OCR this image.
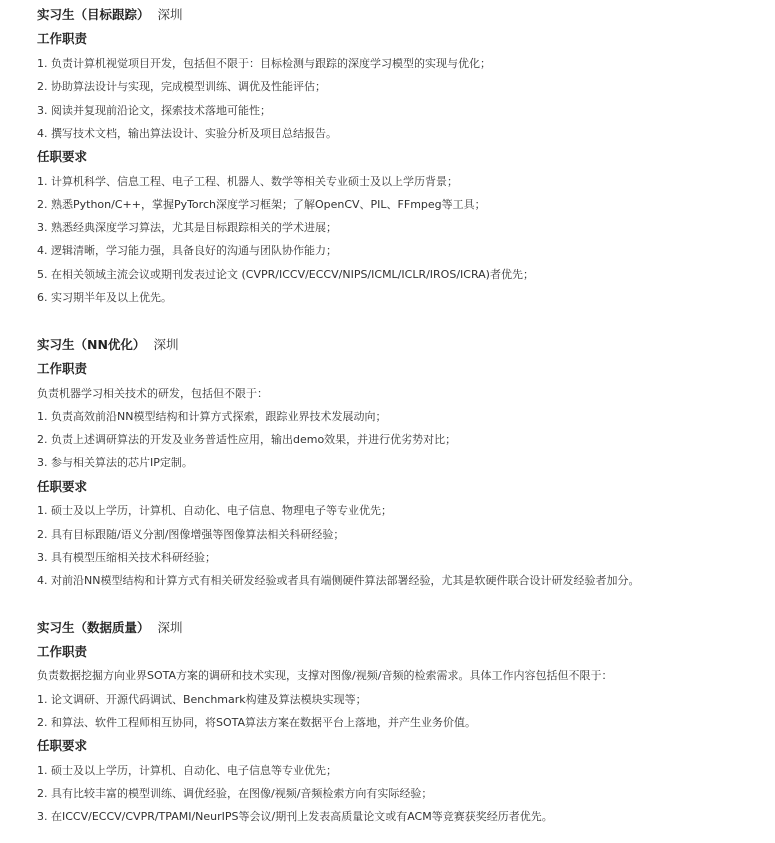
实习生（目标跟踪） 深圳
工作职责
1. 负责计算机视觉项目开发，包括但不限于：目标检测与跟踪的深度学习模型的实现与优化；
2. 协助算法设计与实现，完成模型训练、调优及性能评估；
3. 阅读并复现前沿论文，探索技术落地可能性；
4. 撰写技术文档，输出算法设计、实验分析及项目总结报告。
任职要求
1. 计算机科学、信息工程、电子工程、机器人、数学等相关专业硕士及以上学历背景；
2. 熟悉Python/C++，掌握PyTorch深度学习框架；了解OpenCV、PIL、FFmpeg等工具；
3. 熟悉经典深度学习算法，尤其是目标跟踪相关的学术进展；
4. 逻辑清晰，学习能力强，具备良好的沟通与团队协作能力；
5. 在相关领域主流会议或期刊发表过论文 (CVPR/ICCV/ECCV/NIPS/ICML/ICLR/IROS/ICRA)者优先；
6. 实习期半年及以上优先。
实习生（NN优化） 深圳
工作职责
负责机器学习相关技术的研发，包括但不限于：
1. 负责高效前沿NN模型结构和计算方式探索，跟踪业界技术发展动向；
2. 负责上述调研算法的开发及业务普适性应用，输出demo效果，并进行优劣势对比；
3. 参与相关算法的芯片IP定制。
任职要求
1. 硕士及以上学历，计算机、自动化、电子信息、物理电子等专业优先；
2. 具有目标跟随/语义分割/图像增强等图像算法相关科研经验；
3. 具有模型压缩相关技术科研经验；
4. 对前沿NN模型结构和计算方式有相关研发经验或者具有端侧硬件算法部署经验，尤其是软硬件联合设计研发经验者加分。
实习生（数据质量） 深圳
工作职责
负责数据挖掘方向业界SOTA方案的调研和技术实现，支撑对图像/视频/音频的检索需求。具体工作内容包括但不限于：
1. 论文调研、开源代码调试、Benchmark构建及算法模块实现等；
2. 和算法、软件工程师相互协同，将SOTA算法方案在数据平台上落地，并产生业务价值。
任职要求
1. 硕士及以上学历，计算机、自动化、电子信息等专业优先；
2. 具有比较丰富的模型训练、调优经验，在图像/视频/音频检索方向有实际经验；
3. 在ICCV/ECCV/CVPR/TPAMI/NeurIPS等会议/期刊上发表高质量论文或有ACM等竞赛获奖经历者优先。
